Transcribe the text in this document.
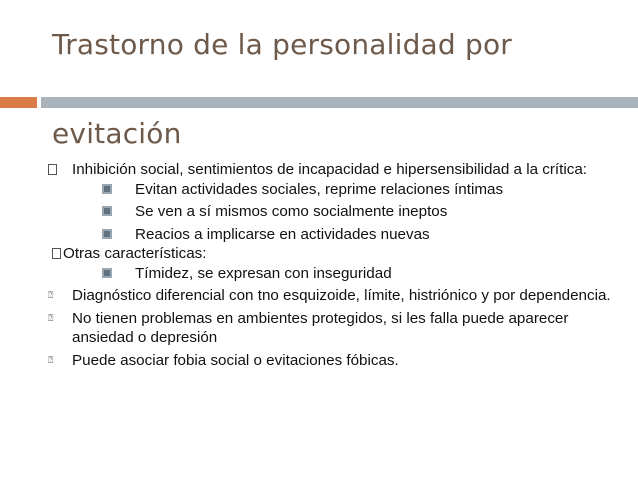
Trastorno de la personalidad por
evitación
Inhibición social, sentimientos de incapacidad e hipersensibilidad a la crítica:
Evitan actividades sociales, reprime relaciones íntimas
Se ven a sí mismos como socialmente ineptos
Reacios a implicarse en actividades nuevas
Otras características:
Tímidez, se expresan con inseguridad
⍰ Diagnóstico diferencial con tno esquizoide, límite, histriónico y por dependencia.
⍰ No tienen problemas en ambientes protegidos, si les falla puede aparecer ansiedad o depresión
⍰ Puede asociar fobia social o evitaciones fóbicas.
